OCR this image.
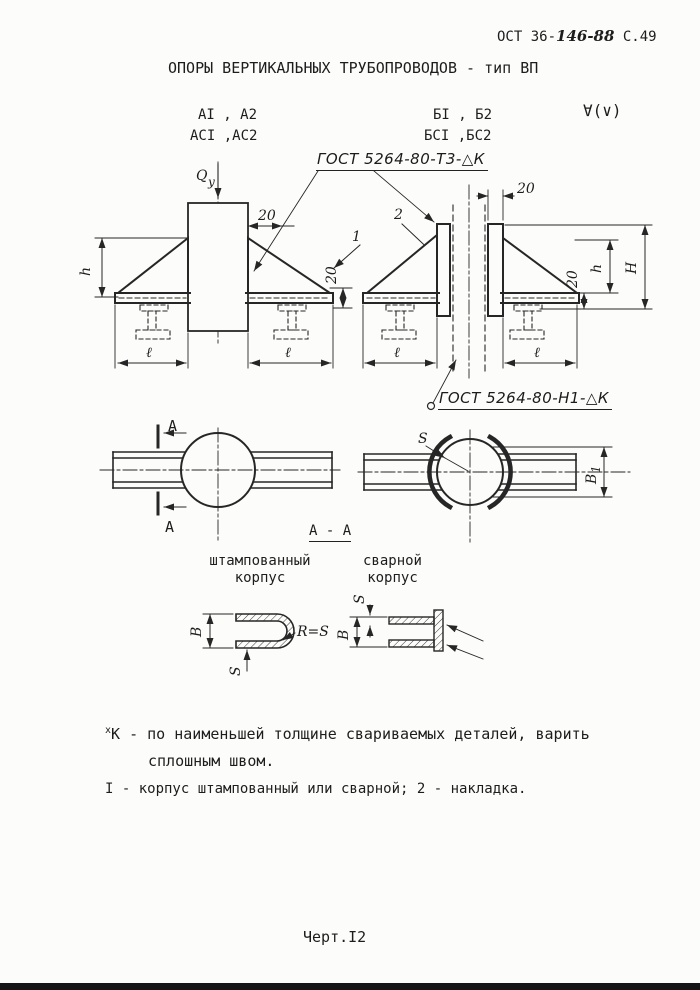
ОСТ 36-146-88 С.49
ОПОРЫ ВЕРТИКАЛЬНЫХ ТРУБОПРОВОДОВ - тип ВП
АI , А2
АСI ,АС2
БI , Б2
БСI ,БС2
∀(∨)
ГОСТ 5264-80-Т3-△К
ГОСТ 5264-80-Н1-△К
А - А
штампованный
корпус
сварной
корпус
$^х$К - по наименьшей толщине свариваемых деталей, варить
сплошным швом.
I - корпус штампованный или сварной; 2 - накладка.
Черт.I2
Q у
20
h	20
20
1
2
20
h Н
ℓ	ℓ	ℓ	ℓ
А
А
S
В
1
В
S
R=S В
S
